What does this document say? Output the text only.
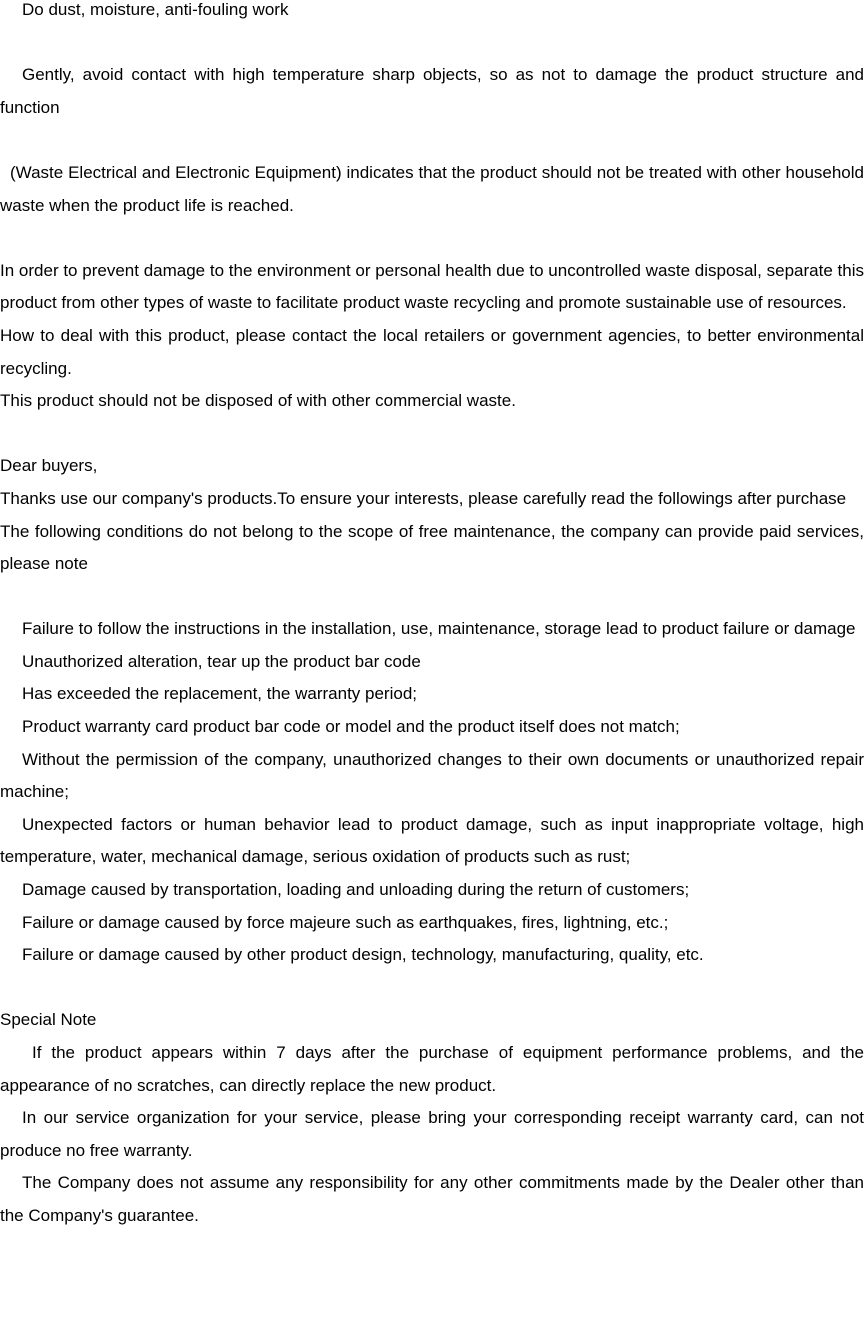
Do dust, moisture, anti-fouling work

Gently, avoid contact with high temperature sharp objects, so as not to damage the product structure and function

(Waste Electrical and Electronic Equipment) indicates that the product should not be treated with other household waste when the product life is reached.

In order to prevent damage to the environment or personal health due to uncontrolled waste disposal, separate this product from other types of waste to facilitate product waste recycling and promote sustainable use of resources.

How to deal with this product, please contact the local retailers or government agencies, to better environmental recycling.

This product should not be disposed of with other commercial waste.

Dear buyers,

Thanks use our company's products.To ensure your interests, please carefully read the followings after purchase

The following conditions do not belong to the scope of free maintenance, the company can provide paid services, please note

Failure to follow the instructions in the installation, use, maintenance, storage lead to product failure or damage

Unauthorized alteration, tear up the product bar code

Has exceeded the replacement, the warranty period;

Product warranty card product bar code or model and the product itself does not match;

Without the permission of the company, unauthorized changes to their own documents or unauthorized repair machine;

Unexpected factors or human behavior lead to product damage, such as input inappropriate voltage, high temperature, water, mechanical damage, serious oxidation of products such as rust;

Damage caused by transportation, loading and unloading during the return of customers;

Failure or damage caused by force majeure such as earthquakes, fires, lightning, etc.;

Failure or damage caused by other product design, technology, manufacturing, quality, etc.

Special Note

If the product appears within 7 days after the purchase of equipment performance problems, and the appearance of no scratches, can directly replace the new product.

In our service organization for your service, please bring your corresponding receipt warranty card, can not produce no free warranty.

The Company does not assume any responsibility for any other commitments made by the Dealer other than the Company's guarantee.
